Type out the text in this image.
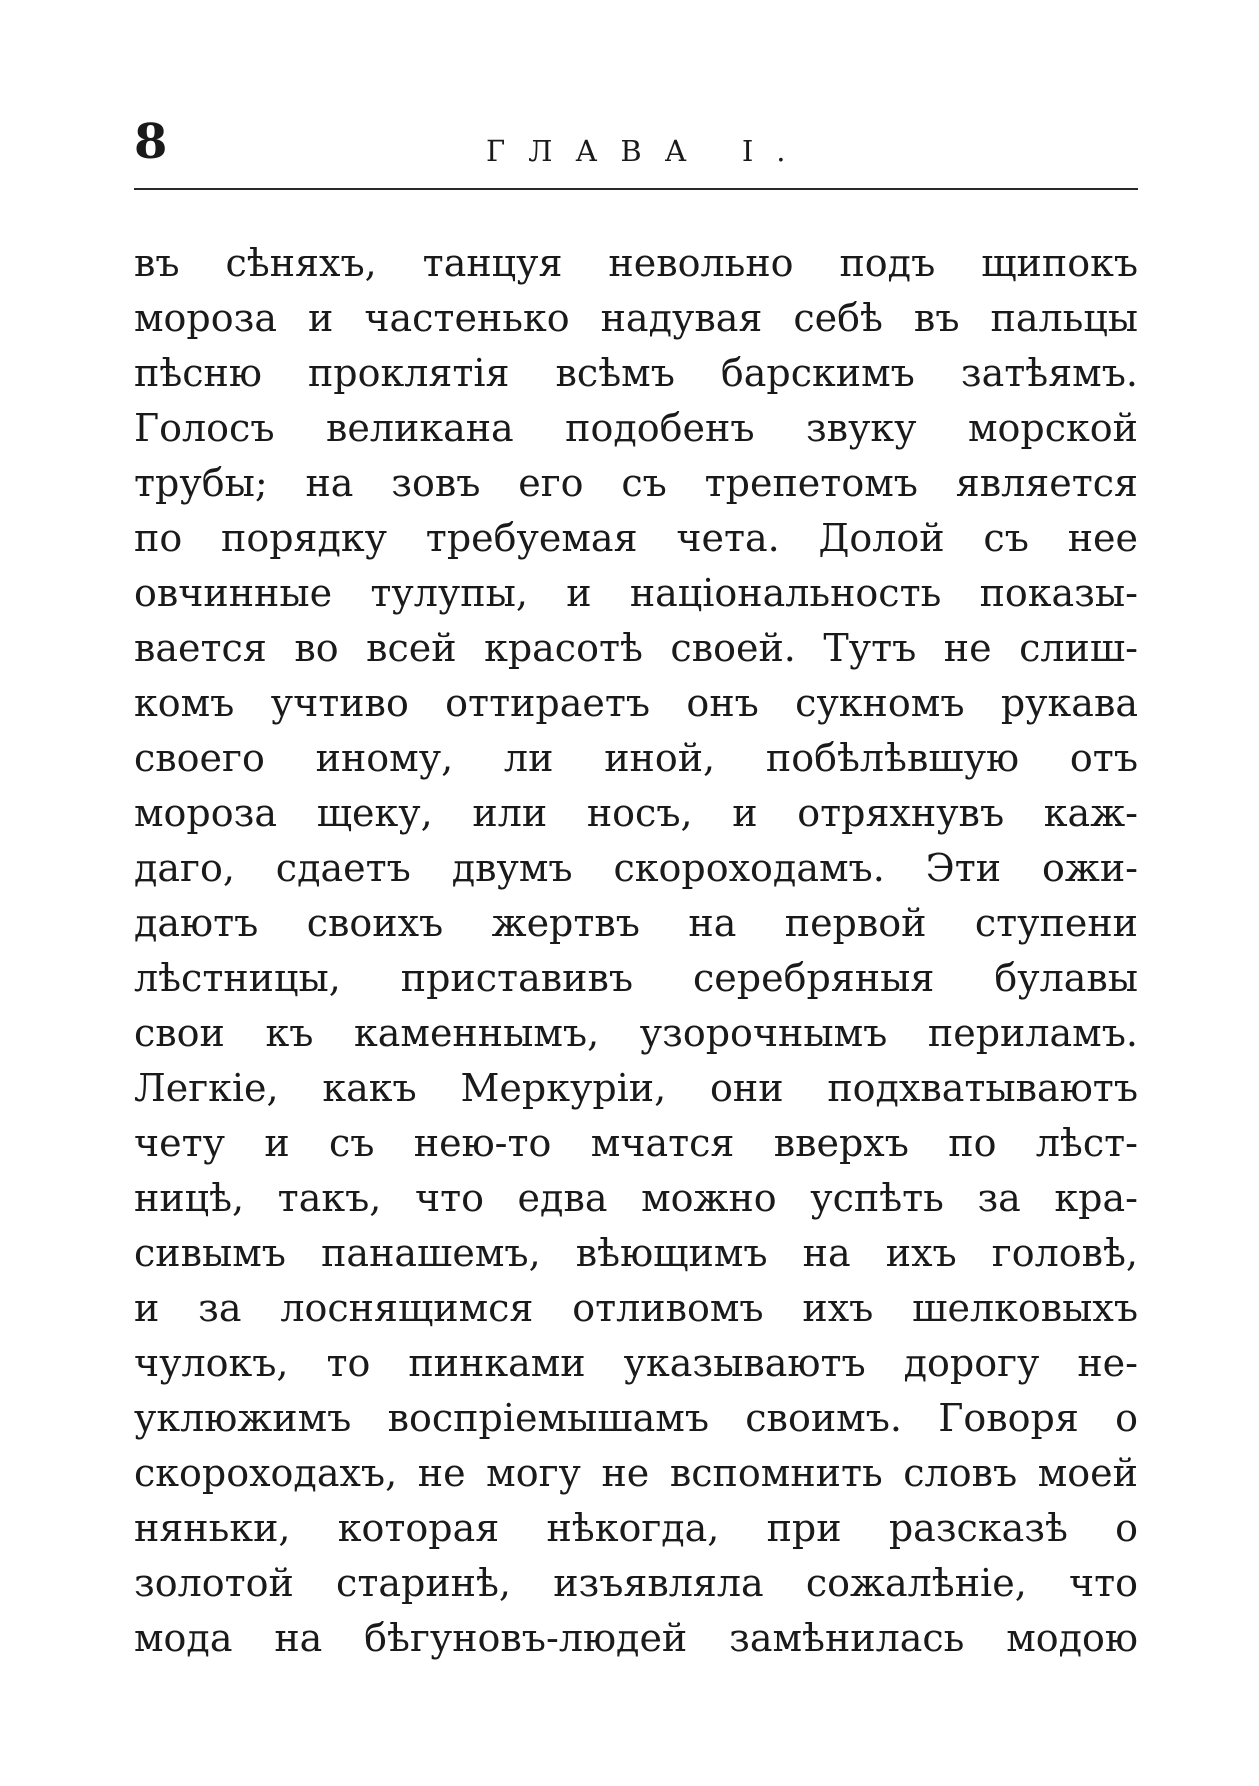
8	ГЛАВА I.
въ сѣняхъ, танцуя невольно подъ щипокъ
мороза и частенько надувая себѣ въ пальцы
пѣсню проклятія всѣмъ барскимъ затѣямъ.
Голосъ великана подобенъ звуку морской
трубы; на зовъ его съ трепетомъ является
по порядку требуемая чета. Долой съ нее
овчинные тулупы, и національность показы-
вается во всей красотѣ своей. Тутъ не слиш-
комъ учтиво оттираетъ онъ сукномъ рукава
своего иному, ли иной, побѣлѣвшую отъ
мороза щеку, или носъ, и отряхнувъ каж-
даго, сдаетъ двумъ скороходамъ. Эти ожи-
даютъ своихъ жертвъ на первой ступени
лѣстницы, приставивъ серебряныя булавы
свои къ каменнымъ, узорочнымъ периламъ.
Легкіе, какъ Меркуріи, они подхватываютъ
чету и съ нею-то мчатся вверхъ по лѣст-
ницѣ, такъ, что едва можно успѣть за кра-
сивымъ панашемъ, вѣющимъ на ихъ головѣ,
и за лоснящимся отливомъ ихъ шелковыхъ
чулокъ, то пинками указываютъ дорогу не-
уклюжимъ воспріемышамъ своимъ. Говоря о
скороходахъ, не могу не вспомнить словъ моей
няньки, которая нѣкогда, при разсказѣ о
золотой старинѣ, изъявляла сожалѣніе, что
мода на бѣгуновъ-людей замѣнилась модою
